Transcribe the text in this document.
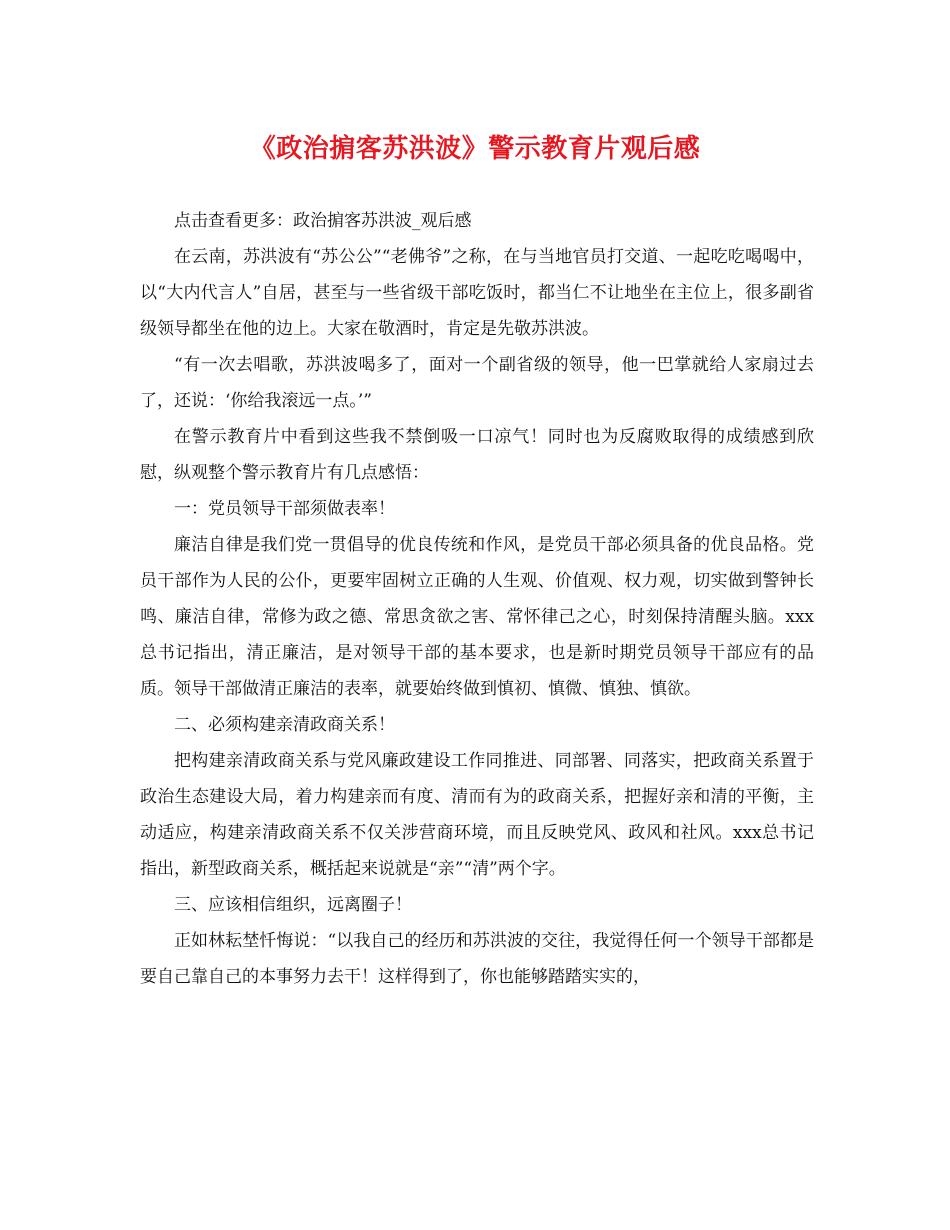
《政治掮客苏洪波》警示教育片观后感

点击查看更多：政治掮客苏洪波_观后感

在云南，苏洪波有“苏公公”“老佛爷”之称，在与当地官员打交道、一起吃吃喝喝中，以“大内代言人”自居，甚至与一些省级干部吃饭时，都当仁不让地坐在主位上，很多副省级领导都坐在他的边上。大家在敬酒时，肯定是先敬苏洪波。

“有一次去唱歌，苏洪波喝多了，面对一个副省级的领导，他一巴掌就给人家扇过去了，还说：‘你给我滚远一点。’”

在警示教育片中看到这些我不禁倒吸一口凉气！同时也为反腐败取得的成绩感到欣慰，纵观整个警示教育片有几点感悟：

一：党员领导干部须做表率！

廉洁自律是我们党一贯倡导的优良传统和作风，是党员干部必须具备的优良品格。党员干部作为人民的公仆，更要牢固树立正确的人生观、价值观、权力观，切实做到警钟长鸣、廉洁自律，常修为政之德、常思贪欲之害、常怀律己之心，时刻保持清醒头脑。xxx总书记指出，清正廉洁，是对领导干部的基本要求，也是新时期党员领导干部应有的品质。领导干部做清正廉洁的表率，就要始终做到慎初、慎微、慎独、慎欲。

二、必须构建亲清政商关系！

把构建亲清政商关系与党风廉政建设工作同推进、同部署、同落实，把政商关系置于政治生态建设大局，着力构建亲而有度、清而有为的政商关系，把握好亲和清的平衡，主动适应，构建亲清政商关系不仅关涉营商环境，而且反映党风、政风和社风。xxx总书记指出，新型政商关系，概括起来说就是“亲”“清”两个字。

三、应该相信组织，远离圈子！

正如林耘埜忏悔说：“以我自己的经历和苏洪波的交往，我觉得任何一个领导干部都是要自己靠自己的本事努力去干！这样得到了，你也能够踏踏实实的，
